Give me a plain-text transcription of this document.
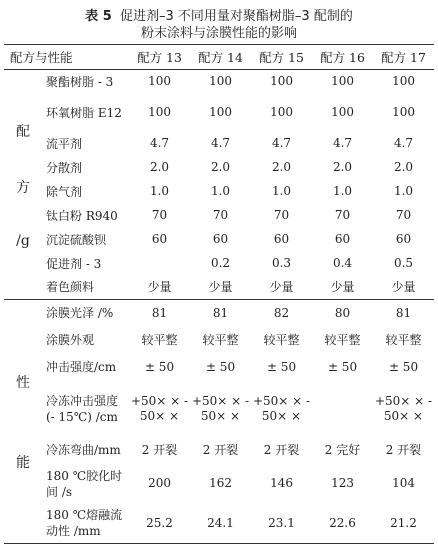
表 5 促进剂–3 不同用量对聚酯树脂–3 配制的
粉末涂料与涂膜性能的影响
配方与性能		配方 13	配方 14	配方 15	配方 16	配方 17

配
方
/g	聚酯树脂 - 3	100	100	100	100	100
	环氧树脂 E12	100	100	100	100	100
	流平剂	4.7	4.7	4.7	4.7	4.7
	分散剂	2.0	2.0	2.0	2.0	2.0
	除气剂	1.0	1.0	1.0	1.0	1.0
	钛白粉 R940	70	70	70	70	70
	沉淀硫酸钡	60	60	60	60	60
	促进剂 - 3		0.2	0.3	0.4	0.5
	着色颜料	少量	少量	少量	少量	少量

性
能	涂膜光泽 /%	81	81	82	80	81
	涂膜外观	较平整	较平整	较平整	较平整	较平整
	冲击强度/cm	± 50	± 50	± 50	± 50	± 50
	冷冻冲击强度 (- 15℃) /cm	+50× × - 50× ×	+50× × - 50× ×	+50× × - 50× ×		+50× × - 50× ×
	冷冻弯曲/mm	2 开裂	2 开裂	2 开裂	2 完好	2 开裂
	180 ℃胶化时间 /s	200	162	146	123	104
	180 ℃熔融流动性 /mm	25.2	24.1	23.1	22.6	21.2
